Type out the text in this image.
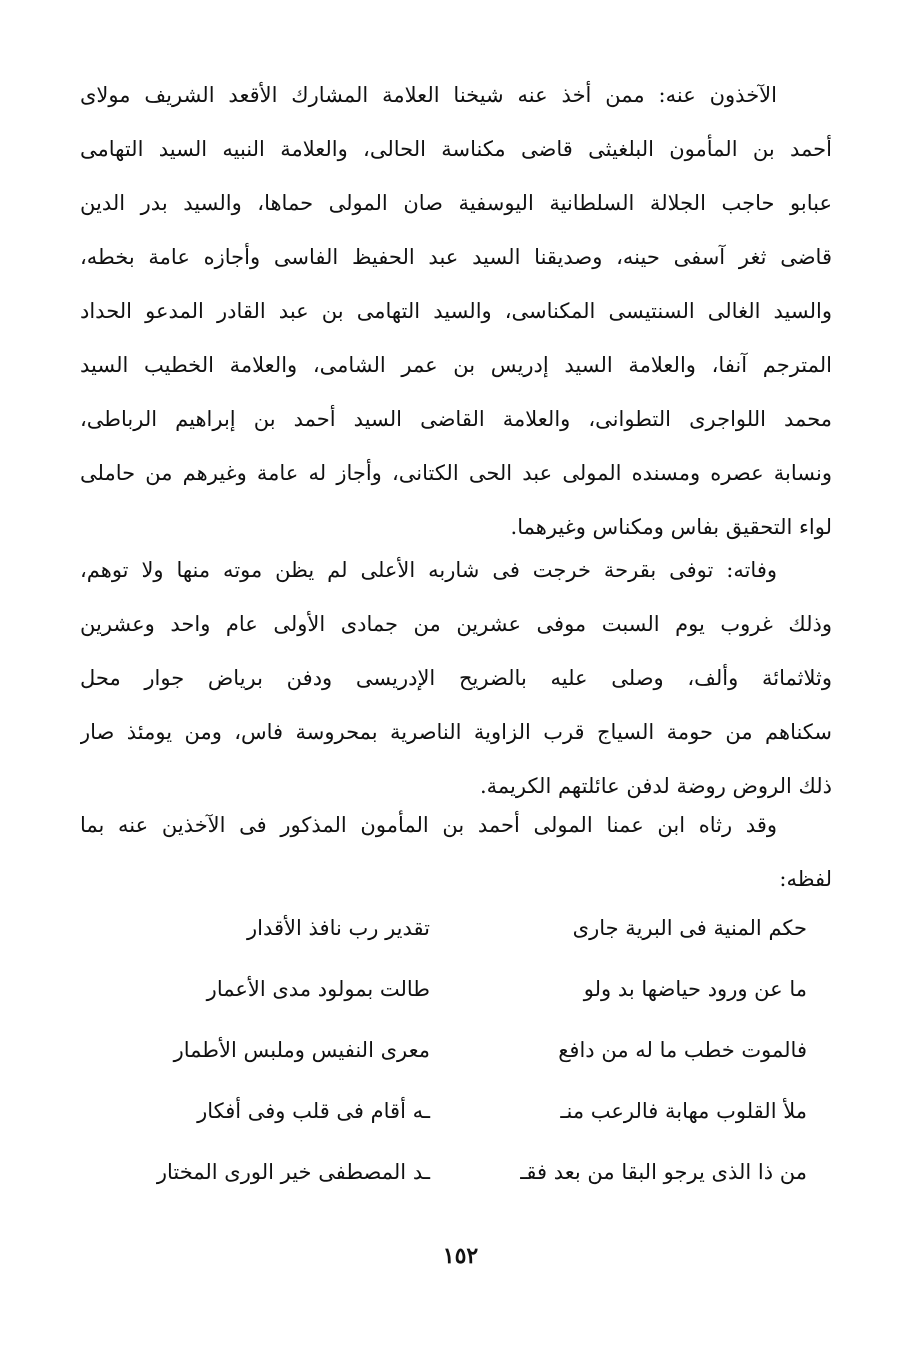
الآخذون عنه: ممن أخذ عنه شيخنا العلامة المشارك الأقعد الشريف مولاى
أحمد بن المأمون البلغيثى قاضى مكناسة الحالى، والعلامة النبيه السيد التهامى
عبابو حاجب الجلالة السلطانية اليوسفية صان المولى حماها، والسيد بدر الدين
قاضى ثغر آسفى حينه، وصديقنا السيد عبد الحفيظ الفاسى وأجازه عامة بخطه،
والسيد الغالى السنتيسى المكناسى، والسيد التهامى بن عبد القادر المدعو الحداد
المترجم آنفا، والعلامة السيد إدريس بن عمر الشامى، والعلامة الخطيب السيد
محمد اللواجرى التطوانى، والعلامة القاضى السيد أحمد بن إبراهيم الرباطى،
ونسابة عصره ومسنده المولى عبد الحى الكتانى، وأجاز له عامة وغيرهم من حاملى
لواء التحقيق بفاس ومكناس وغيرهما.
وفاته: توفى بقرحة خرجت فى شاربه الأعلى لم يظن موته منها ولا توهم،
وذلك غروب يوم السبت موفى عشرين من جمادى الأولى عام واحد وعشرين
وثلاثمائة وألف، وصلى عليه بالضريح الإدريسى ودفن برياض جوار محل
سكناهم من حومة السياج قرب الزاوية الناصرية بمحروسة فاس، ومن يومئذ صار
ذلك الروض روضة لدفن عائلتهم الكريمة.
وقد رثاه ابن عمنا المولى أحمد بن المأمون المذكور فى الآخذين عنه بما
لفظه:
حكم المنية فى البرية جارى
تقدير رب نافذ الأقدار
ما عن ورود حياضها بد ولو
طالت بمولود مدى الأعمار
فالموت خطب ما له من دافع
معرى النفيس وملبس الأطمار
ملأ القلوب مهابة فالرعب منـ
ـه أقام فى قلب وفى أفكار
من ذا الذى يرجو البقا من بعد فقـ
ـد المصطفى خير الورى المختار
١٥٢
